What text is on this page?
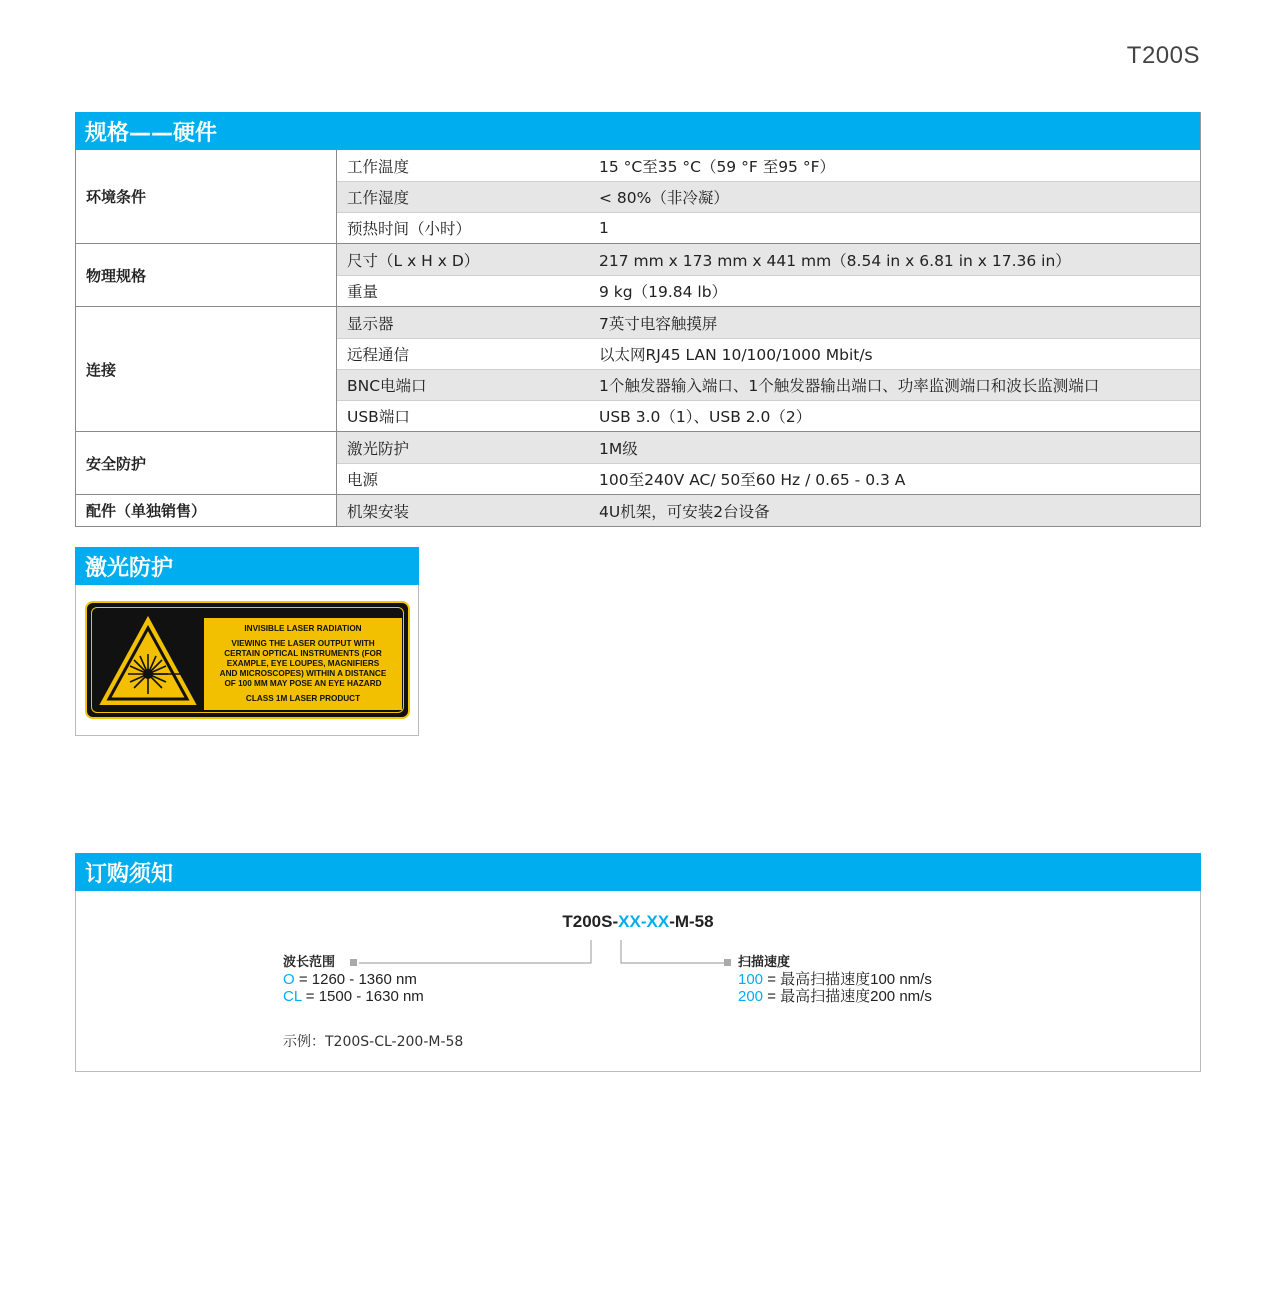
T200S
规格——硬件
环境条件
工作温度	15 °C至35 °C（59 °F 至95 °F）
工作湿度	< 80%（非冷凝）
预热时间（小时）	1
物理规格
尺寸（L x H x D）	217 mm x 173 mm x 441 mm（8.54 in x 6.81 in x 17.36 in）
重量	9 kg（19.84 lb）
连接
显示器	7英寸电容触摸屏
远程通信	以太网RJ45 LAN 10/100/1000 Mbit/s
BNC电端口	1个触发器输入端口、1个触发器输出端口、功率监测端口和波长监测端口
USB端口	USB 3.0（1）、USB 2.0（2）
安全防护
激光防护	1M级
电源	100至240V AC/ 50至60 Hz / 0.65 - 0.3 A
配件（单独销售）	机架安装	4U机架，可安装2台设备
激光防护
INVISIBLE LASER RADIATION
VIEWING THE LASER OUTPUT WITH
CERTAIN OPTICAL INSTRUMENTS (FOR
EXAMPLE, EYE LOUPES, MAGNIFIERS
AND MICROSCOPES) WITHIN A DISTANCE
OF 100 MM MAY POSE AN EYE HAZARD
CLASS 1M LASER PRODUCT
订购须知
T200S-XX-XX-M-58
波长范围
O = 1260 - 1360 nm
CL = 1500 - 1630 nm
扫描速度
100 = 最高扫描速度100 nm/s
200 = 最高扫描速度200 nm/s
示例：T200S-CL-200-M-58
